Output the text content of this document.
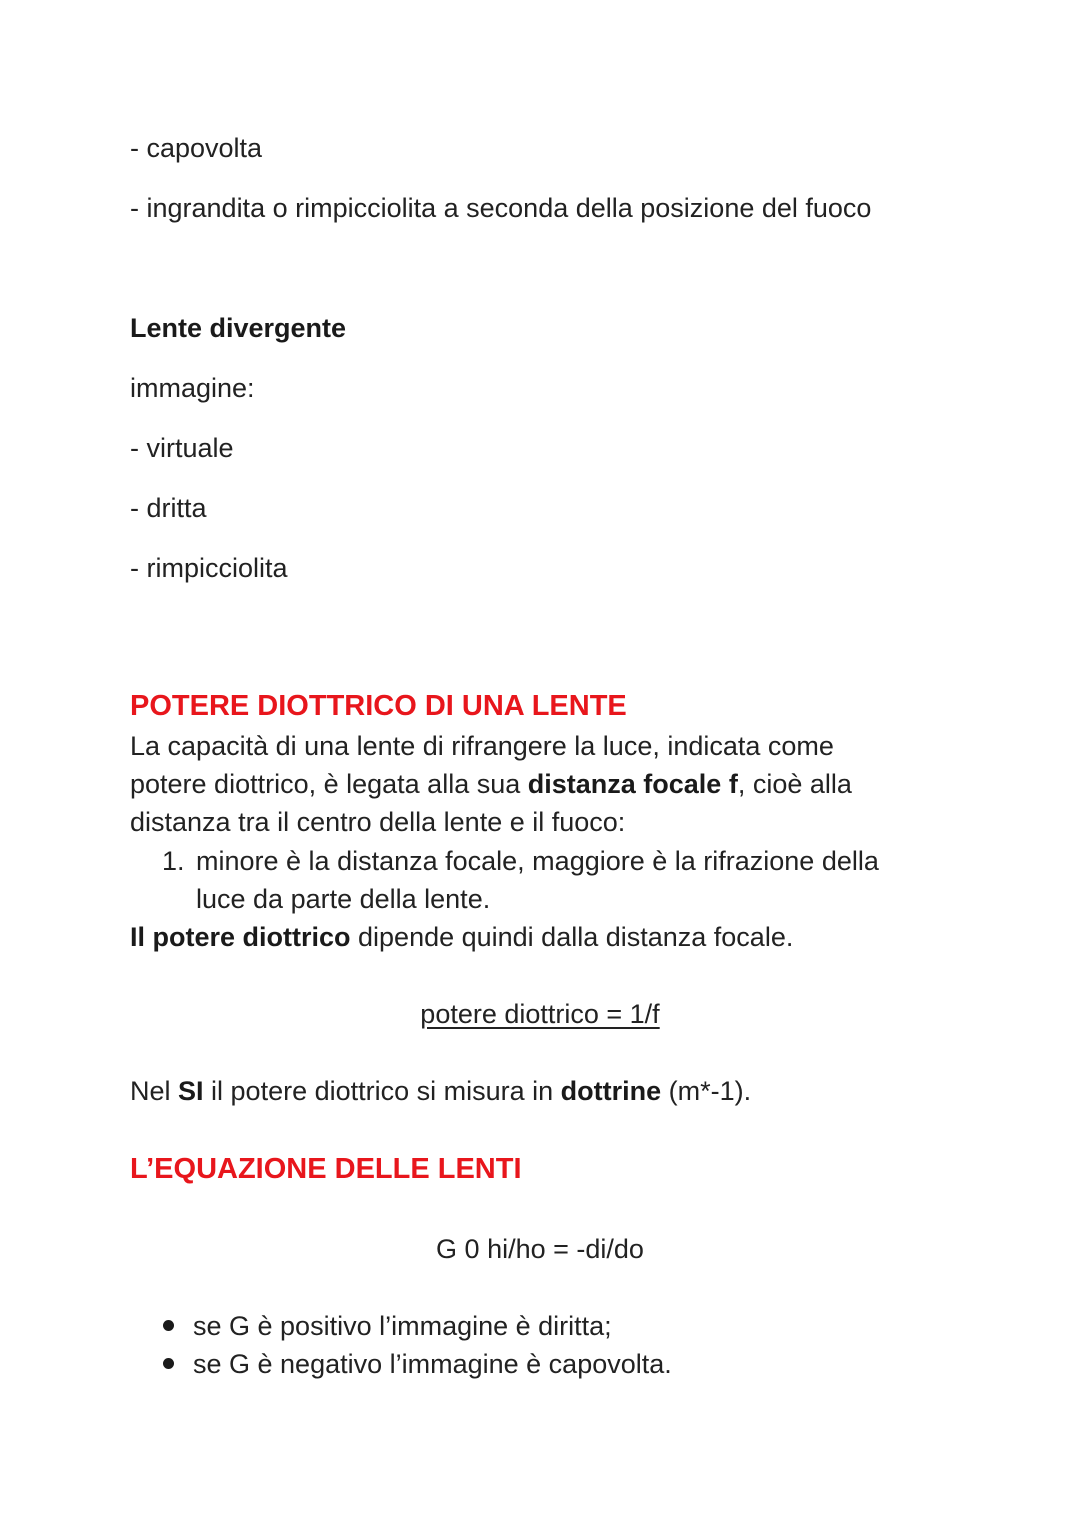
- capovolta
- ingrandita o rimpicciolita a seconda della posizione del fuoco
Lente divergente
immagine:
- virtuale
- dritta
- rimpicciolita
POTERE DIOTTRICO DI UNA LENTE
La capacità di una lente di rifrangere la luce, indicata come
potere diottrico, è legata alla sua distanza focale f, cioè alla
distanza tra il centro della lente e il fuoco:
1. minore è la distanza focale, maggiore è la rifrazione della
luce da parte della lente.
Il potere diottrico dipende quindi dalla distanza focale.
potere diottrico = 1/f
Nel SI il potere diottrico si misura in dottrine (m*-1).
L’EQUAZIONE DELLE LENTI
G 0 hi/ho = -di/do
se G è positivo l’immagine è diritta;
se G è negativo l’immagine è capovolta.
